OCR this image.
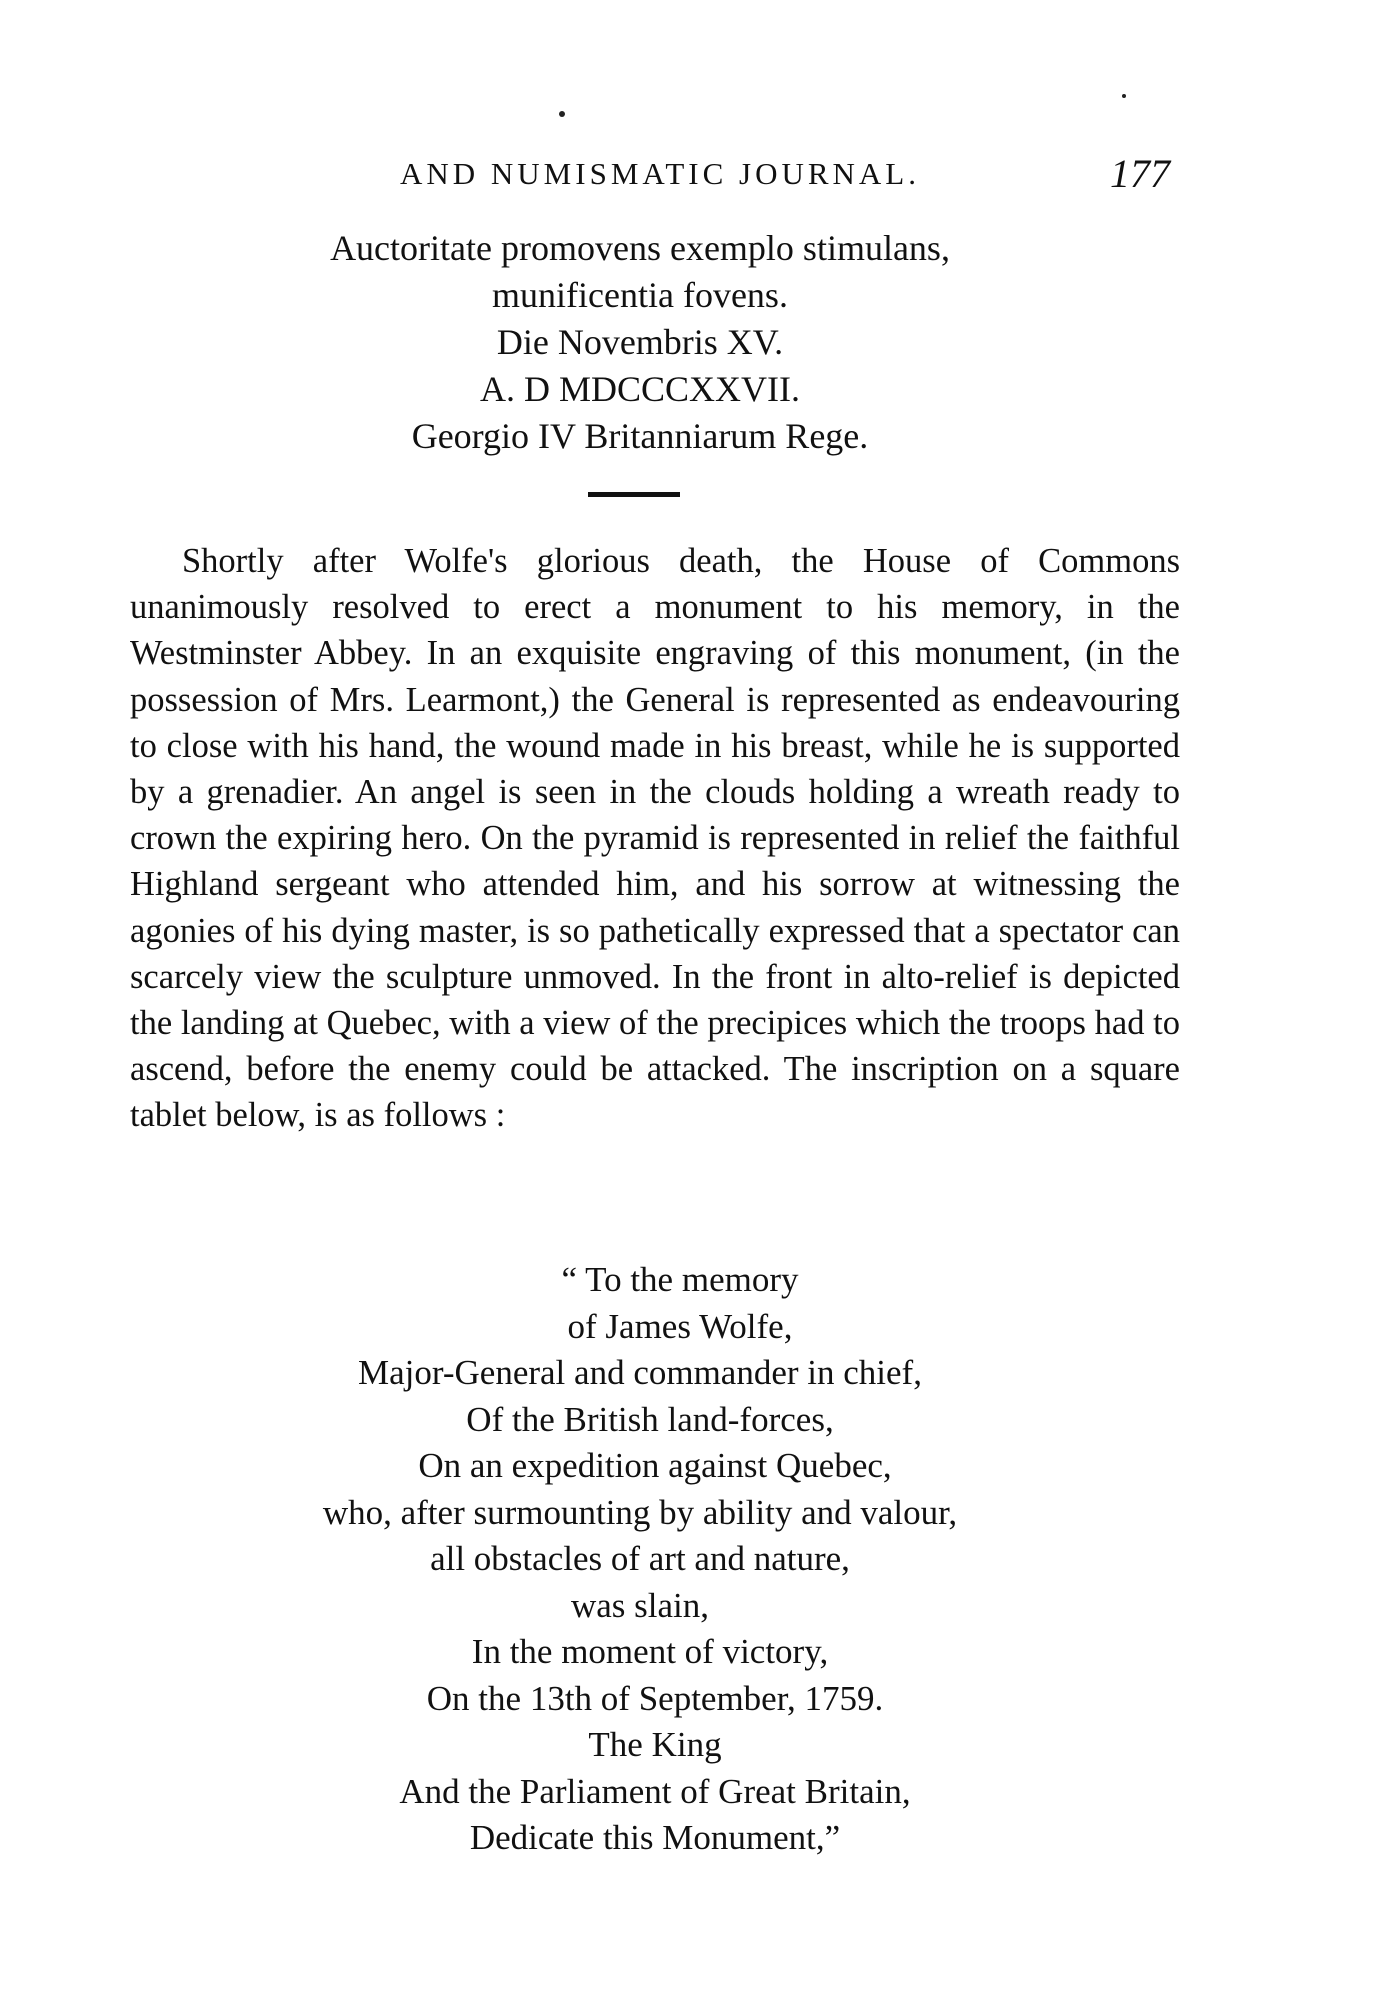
AND NUMISMATIC JOURNAL.	177
Auctoritate promovens exemplo stimulans,
munificentia fovens.
Die Novembris XV.
A. D MDCCCXXVII.
Georgio IV Britanniarum Rege.

Shortly after Wolfe's glorious death, the House of Commons unanimously resolved to erect a monument to his memory, in the Westminster Abbey. In an exquisite engraving of this monument, (in the possession of Mrs. Learmont,) the General is represented as endeavouring to close with his hand, the wound made in his breast, while he is supported by a grenadier. An angel is seen in the clouds holding a wreath ready to crown the expiring hero. On the pyramid is represented in relief the faithful Highland sergeant who attended him, and his sorrow at witnessing the agonies of his dying master, is so pathetically expressed that a spectator can scarcely view the sculpture unmoved. In the front in alto-relief is depicted the landing at Quebec, with a view of the precipices which the troops had to ascend, before the enemy could be attacked. The inscription on a square tablet below, is as follows :

“ To the memory
of James Wolfe,
Major-General and commander in chief,
Of the British land-forces,
On an expedition against Quebec,
who, after surmounting by ability and valour,
all obstacles of art and nature,
was slain,
In the moment of victory,
On the 13th of September, 1759.
The King
And the Parliament of Great Britain,
Dedicate this Monument,”
